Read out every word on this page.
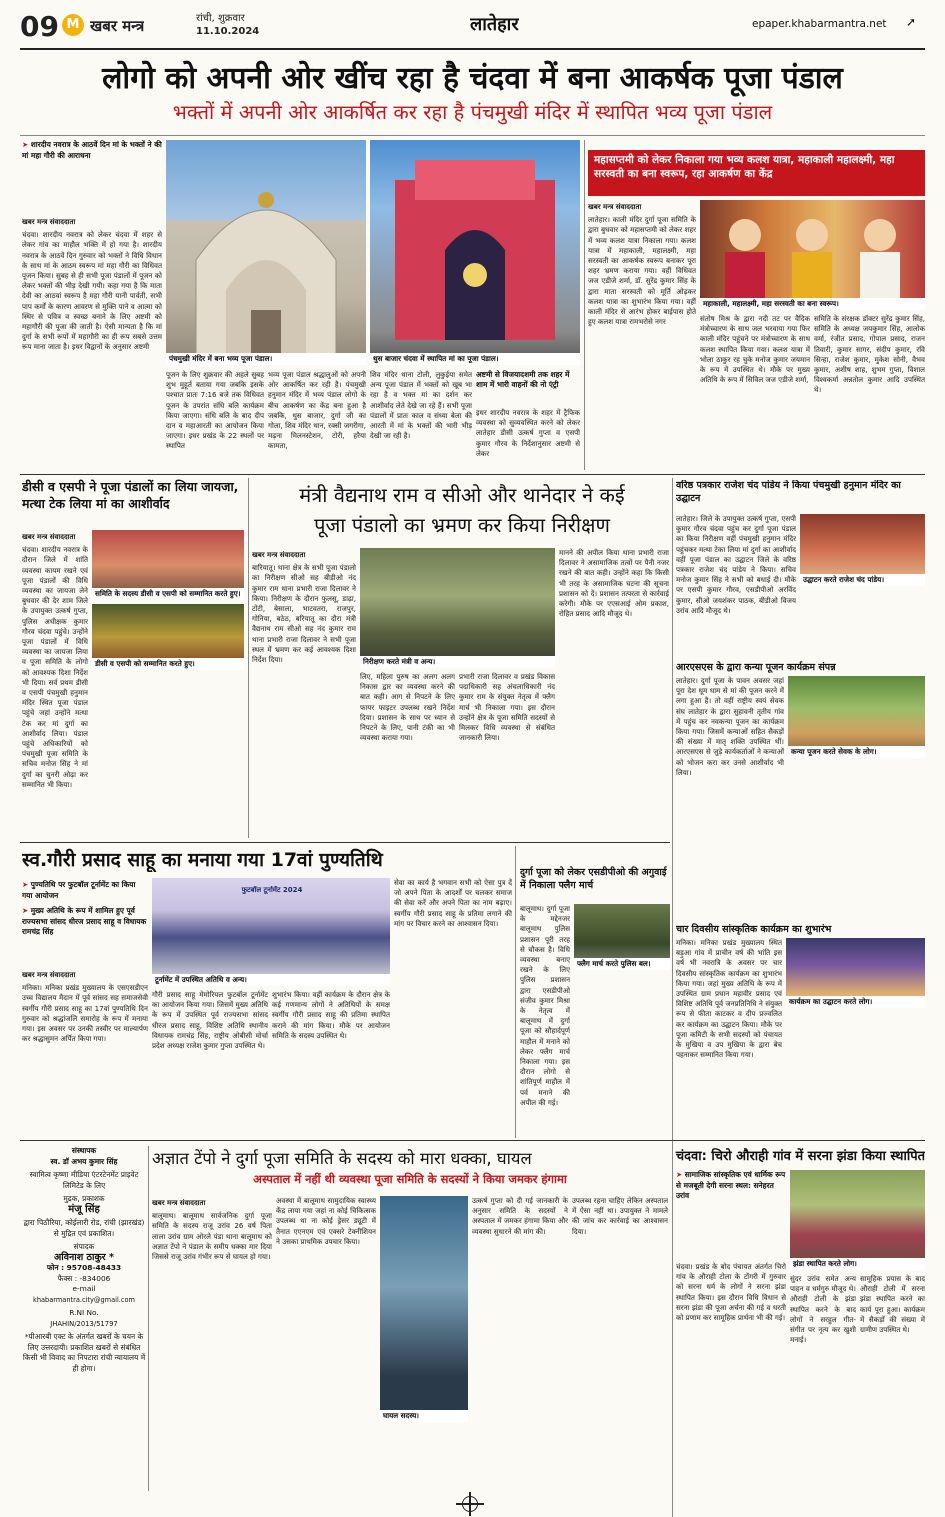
09 M खबर मन्त्र	रांची, शुक्रवार
11.10.2024	लातेहार	epaper.khabarmantra.net ➚
लोगो को अपनी ओर खींच रहा है चंदवा में बना आकर्षक पूजा पंडाल
भक्तों में अपनी ओर आकर्षित कर रहा है पंचमुखी मंदिर में स्थापित भव्य पूजा पंडाल
➤ शारदीय नवरात्र के आठवें दिन मां के भक्तों ने की मां महा गौरी की आराधना
खबर मन्त्र संवाददाता
चंदवा। शारदीय नवरात्र को लेकर चंदवा में शहर से लेकर गांव का माहौल भक्ति में हो गया है। शारदीय नवरात्र के आठवें दिन गुरुवार को भक्तों ने विधि विधान के साथ मां के आठम स्वरूप मां महा गौरी का विधिवत पूजन किया। सुबह से ही सभी पूजा पंडालों में पूजन को लेकर भक्तों की भीड़ देखी गयी। कहा गया है कि माता देवी का आठवां स्वरूप है महा गौरी यानी पार्वती, सभी पाप कर्मों के कारण आवरण से मुक्ति पाने व आत्मा को स्थिर से पवित्र व स्वच्छ बनाने के लिए अष्टमी को महागौरी की पूजा की जाती है। ऐसी मान्यता है कि मां दुर्गा के सभी रूपों में महागौरी का ही रूप सबसे उत्तम रूप माना जाता है। इधर विद्वानों के अनुसार अष्टमी
पंचमुखी मंदिर में बना भव्य पूजा पंडाल।	थुस बाजार चंदवा में स्थापित मां का पूजा पंडाल।
पूजन के लिए शुक्रवार की अहले सुबह शुभ मुहूर्त बताया गया जबकि इसके पश्चात प्रातः 7:16 बजे तक विधिवत पूजन के उपरांत संधि बलि कार्यक्रम किया जाएगा। संधि बलि के बाद दीप दान व महाआरती का आयोजन किया जाएगा। इधर प्रखंड के 22 स्थलों पर स्थापित
भव्य पूजा पंडाल श्रद्धालुओं को अपनी ओर आकर्षित कर रही है। पंचमुखी हनुमान मंदिर में भव्य पंडाल लोगो के बीच आकर्षण का केंद्र बना हुआ है जबकि, थुस बाजार, दुर्गा जी का गोला, शिव मंदिर थान, रक्सी जगरीगा, मढ़ना मिलनस्टेशन, टोरी, हरैया कामता,
शिव मंदिर थाना टोली, लुकुईया समेत अन्य पूजा पंडाल में भक्तों को खूब भा रहा है व भक्त मां का दर्शन कर आशीर्वाद लेते देखे जा रहे हैं। सभी पूजा पंडालों में प्रातः काल व संध्या बेला की आरती में मां के भक्तों की भारी भीड़ देखी जा रही है।
अष्टमी से विजयादशमी तक शहर में शाम में भारी वाहनों की नो एंट्री
इधर शारदीय नवरात्र के शहर में ट्रैफिक व्यवस्था को सुव्यवस्थित करने को लेकर लातेहार डीसी उत्कर्ष गुप्ता व एसपी कुमार गौरव के निर्देशानुसार अष्टमी से लेकर
महासप्तमी को लेकर निकाला गया भव्य कलश यात्रा, महाकाली महालक्ष्मी, महा सरस्वती का बना स्वरूप, रहा आकर्षण का केंद्र
खबर मन्त्र संवाददाता
लातेहार। काली मंदिर दुर्गा पूजा समिति के द्वारा बुधवार को महासप्तमी को लेकर शहर में भव्य कलश यात्रा निकाला गया। कलश यात्रा में महाकाली, महालक्ष्मी, महा सरस्वती का आकर्षक स्वरूप बनाकर पूरा शहर भ्रमण कराया गया। वहीं विधिवत जज एडीजे शर्मा, डॉ. सुरेंद्र कुमार सिंह के द्वारा माता सरस्वती को मूर्ति ओढ़कर कलश यात्रा का शुभारंभ किया गया। वहीं काली मंदिर से आरंभ होकर बाईपास होते हुए कलश यात्रा रामभरोसे नगर
महाकाली, महालक्ष्मी, महा सरस्वती का बना स्वरूप।
संतोष मिश्र के द्वारा नदी तट पर वैदिक मंत्रोच्चारण के साथ जल भरवाया गया फिर काली मंदिर पहुंचने पर मंत्रोच्चारण के साथ कलश स्थापित किया गया। कलश यात्रा में भोला ठाकुर रह चुके मनोज कुमार जयमान के रूप में उपस्थित थे। मौके पर मुख्य अतिथि के रूप में सिविल जज एडीजे शर्मा,
समिति के संरक्षक डॉक्टर सुरेंद्र कुमार सिंह, समिति के अध्यक्ष जयकुमार सिंह, आलोक वर्मा, रंजीत प्रसाद, गोपाल प्रसाद, राजन तिवारी, कुमार सागर, संदीप कुमार, रवि सिन्हा, राजेश कुमार, मुकेश सोनी, वैभव कुमार, अशीष शाह, शुभम गुप्ता, विशाल विश्वकर्मा अन्नतोल कुमार आदि उपस्थित थे।
डीसी व एसपी ने पूजा पंडालों का लिया जायजा, मत्था टेक लिया मां का आशीर्वाद
समिति के सदस्य डीसी व एसपी को सम्मानित करते हुए।
डीसी व एसपी को सम्मानित करते हुए।
खबर मन्त्र संवाददाता
चंदवा। शारदीय नवरात्र के दौरान जिले में शांति व्यवस्था कायम रखने एवं पूजा पंडालों की विधि व्यवस्था का जायजा लेने बुधवार की देर शाम जिले के उपायुक्त उत्कर्ष गुप्ता, पुलिस अधीक्षक कुमार गौरव चंदवा पहुंचे। उन्होंने पूजा पंडालों में विधि व्यवस्था का जायजा लिया व पूजा समिति के लोगो को आवश्यक दिशा निर्देश भी दिया। सर्व प्रथम डीसी व एसपी पंचमुखी हनुमान मंदिर स्थित पूजा पंडाल पहुंचे जहां उन्होंने मत्था टेक कर मां दुर्गा का आशीर्वाद लिया। पंडाल पहुंचे अधिकारियों को पंचमुखी पूजा समिति के सचिव मनोज सिंह ने मां दुर्गा का चुनरी ओढ़ा कर सम्मानित भी किया।
मंत्री वैद्यनाथ राम व सीओ और थानेदार ने कई
पूजा पंडालो का भ्रमण कर किया निरीक्षण
खबर मन्त्र संवाददाता
बारियातू। थाना क्षेत्र के सभी पूजा पंडालो का निरीक्षण सीओ सह बीडीओ नंद कुमार राम थाना प्रभारी राजा दिलावर ने किया। निरीक्षण के दौरान फुलसू, डाढ़ा, टोंटी, बेसाला, भाटवतरा, राजपुर, गोनिया, बठेठ, बरियातू का दौरा मंत्री वैद्यनाथ राम सीओ सह नंद कुमार राम थाना प्रभारी राजा दिलावर ने सभी पूजा स्थल में भ्रमण कर कई आवश्यक दिशा निर्देश दिया।	निरीक्षण करते मंत्री व अन्य।
लिए, महिला पुरुष का अलग अलग निकास द्वार का व्यवस्था करने की बात कही। आग से निपटने के लिए फायर फाइटर उपलब्ध रखने निर्देश दिया। प्रशासन के साथ पर ध्यान से निपटने के लिए, पानी टंकी का भी व्यवस्था कराया गया।
प्रभारी राजा दिलावर व प्रखंड विकास पदाधिकारी सह अंचलाधिकारी नंद कुमार राम के संयुक्त नेतृत्व में फ्लैग मार्च भी निकाला गया। इस दौरान उन्होंने क्षेत्र के पूजा समिति सदस्यों से मिलकर विधि व्यवस्था से संबंधित जानकारी लिया।
मानने की अपील किया थाना प्रभारी राजा दिलावर ने असामाजिक तत्वों पर पैनी नजर रखने की बात कही। उन्होंने कहा कि किसी भी तरह के असामाजिक घटना की सूचना प्रशासन को दें। प्रशासन तत्परता से कार्रवाई करेगी। मौके पर एएसआई ओम प्रकाश, रोहित प्रसाद आदि मौजूद थे।
वरिष्ठ पत्रकार राजेश चंद पांडेय ने किया पंचमुखी हनुमान मंदिर का उद्घाटन
उद्घाटन करते राजेश चंद पांडेय।
लातेहार। जिले के उपायुक्त उत्कर्ष गुप्ता, एसपी कुमार गौरव चंदवा पहुंच कर दुर्गा पूजा पंडाल का किया निरीक्षण वहीं पंचमुखी हनुमान मंदिर पहुंचकर मत्था टेका लिया मां दुर्गा का आशीर्वाद वहीं पूजा पंडाल का उद्घाटन जिले के वरिष्ठ पत्रकार राजेश चंद पांडेय ने किया। सचिव मनोज कुमार सिंह ने सभी को बधाई दी। मौके पर एसपी कुमार गौरव, एसडीपीओ अरविंद कुमार, सीओ जयशंकर पाठक, बीडीओ विजय उरांव आदि मौजूद थे।
आरएसएस के द्वारा कन्या पूजन कार्यक्रम संपन्न
कन्या पूजन करते सेवक के लोग।
लातेहार। दुर्गा पूजा के पावन अवसर जहां पूरा देश धूम धाम से मां की पूजन करने में लगा हुआ है। तो वहीं राष्ट्रीय स्वयं सेवक संघ लातेहार के द्वारा सुहावनी तृतीय गांव में पहुंच कर नवकन्या पूजन का कार्यक्रम किया गया। जिसमें कन्याओं सहित सैकड़ों की संख्या में मातृ शक्ति उपस्थित थीं। आरएसएस से जुड़े कार्यकर्ताओं ने कन्याओं को भोजन करा कर उनसे आशीर्वाद भी लिया।
चार दिवसीय सांस्कृतिक कार्यक्रम का शुभारंभ
कार्यक्रम का उद्घाटन करते लोग।
मनिका। मनिका प्रखंड मुख्यालय स्थित बड़ुआ गांव में प्राचीन वर्ष की भांति इस वर्ष भी नवरात्रि के अवसर पर चार दिवसीय सांस्कृतिक कार्यक्रम का शुभारंभ किया गया। जहां मुख्य अतिथि के रूप में उपस्थित ग्राम प्रधान महावीर प्रसाद एवं विशिष्ट अतिथि पूर्व जनप्रतिनिधि ने संयुक्त रूप से फीता काटकर व दीप प्रज्वलित कर कार्यक्रम का उद्घाटन किया। मौके पर पूजा कमिटी के सभी सदस्यों को पंचायत के मुखिया व उप मुखिया के द्वारा बेच पहनाकर सम्मानित किया गया।
स्व.गौरी प्रसाद साहू का मनाया गया 17वां पुण्यतिथि
➤ पुण्यतिथि पर फुटबॉल टूर्नामेंट का किया गया आयोजन
➤ मुख्य अतिथि के रूप में शामिल हुए पूर्व राज्यसभा सांसद धीरज प्रसाद साहू व विधायक रामचंद्र सिंह
खबर मन्त्र संवाददाता
मनिका। मनिका प्रखंड मुख्यालय के एसएसडीएन उच्च विद्यालय मैदान में पूर्व सांसद सह समाजसेवी स्वर्गीय गौरी प्रसाद साहू का 17वां पुण्यतिथि दिन गुरुवार को श्रद्धांजलि समारोह के रूप में मनाया गया। इस अवसर पर उनकी तस्वीर पर माल्यार्पण कर श्रद्धासुमन अर्पित किया गया।
फुटबॉल टूर्नामेंट 2024
टूर्नामेंट में उपस्थित अतिथि व अन्य।
गौरी प्रसाद साहू मेमोरियल फुटबॉल टूर्नामेंट का आयोजन किया गया। जिसमें मुख्य अतिथि के रूप में उपस्थित पूर्व राज्यसभा सांसद धीरज प्रसाद साहू, विशिष्ट अतिथि स्थानीय विधायक रामचंद्र सिंह, राष्ट्रीय ओबीसी मोर्चा प्रदेश अध्यक्ष राजेश कुमार गुप्ता उपस्थित थे।
शुभारंभ किया। वहीं कार्यक्रम के दौरान क्षेत्र के कई गणमान्य लोगों ने अतिथियों के समक्ष स्वर्गीय गौरी प्रसाद साहू की प्रतिमा स्थापित कराने की मांग किया। मौके पर आयोजन समिति के सदस्य उपस्थित थे।
सेवा का कार्य है भगवान सभी को ऐसा पुत्र दें जो अपने पिता के आदर्शों पर चलकर समाज की सेवा करें और अपने पिता का नाम बढ़ाए। स्वर्गीय गौरी प्रसाद साहू के प्रतिमा लगाने की मांग पर विचार करने का आश्वासन दिया।
दुर्गा पूजा को लेकर एसडीपीओ की अगुवाई में निकाला फ्लैग मार्च
फ्लैग मार्च करते पुलिस बल।
बालूमाथ। दुर्गा पूजा के मद्देनजर बालूमाथ पुलिस प्रशासन पूरी तरह से चौकस है। विधि व्यवस्था बनाए रखने के लिए पुलिस प्रशासन द्वारा एसडीपीओ संजीव कुमार मिश्रा के नेतृत्व में बालूमाथ में दुर्गा पूजा को सौहार्दपूर्ण माहौल में मनाने को लेकर फ्लैग मार्च निकाला गया। इस दौरान लोगो से शांतिपूर्ण माहौल में पर्व मनाने की अपील की गई।
संस्थापक
स्व. डॉ अभय कुमार सिंह
स्वामित्व कृष्णा मीडिया एंटरटेनमेंट प्राइवेट लिमिटेड के लिए
मुद्रक, प्रकाशक
मंजू सिंह
द्वारा पिठौरिया, कोईलारी रोड, रांची (झारखंड) से मुद्रित एवं प्रकाशित।
संपादक
अविनाश ठाकुर *
फोन : 95708-48433
फैक्स : -834006
e-mail
khabarmantra.city@gmail.com
R.NI No.
JHAHIN/2013/51797
*पीआरबी एक्ट के अंतर्गत खबरों के चयन के लिए उत्तरदायी। प्रकाशित खबरों से संबंधित किसी भी विवाद का निपटारा रांची न्यायालय में ही होगा।
अज्ञात टेंपो ने दुर्गा पूजा समिति के सदस्य को मारा धक्का, घायल
अस्पताल में नहीं थी व्यवस्था पूजा समिति के सदस्यों ने किया जमकर हंगामा
खबर मन्त्र संवाददाता
बालूमाथ। बालूमाथ सार्वजनिक दुर्गा पूजा समिति के सदस्य राजू उरांव 26 वर्ष पिता लाला उरांव ग्राम ओरले पंडा थाना बालूमाथ को अज्ञात टेंपो ने पंडाल के समीप धक्का मार दिया जिससे राजू उरांव गंभीर रूप से घायल हो गया।
अवस्था में बालूमाथ सामुदायिक स्वास्थ्य केंद्र लाया गया जहां ना कोई चिकित्सक उपलब्ध था ना कोई ड्रेसर ड्यूटी में तैनात एएनएम एवं एक्सरे टेक्नीशियन ने उसका प्राथमिक उपचार किया।
घायल सदस्य।
उत्कर्ष गुप्ता को दी गई जानकारी के अनुसार समिति के सदस्यों ने अस्पताल में जमकर हंगामा किया और व्यवस्था सुधारने की मांग की।
उपलब्ध रहना चाहिए लेकिन अस्पताल में ऐसा नहीं था। उपायुक्त ने मामले की जांच कर कार्रवाई का आश्वासन दिया।
चंदवा: चिरो औराही गांव में सरना झंडा किया स्थापित
➤ सामाजिक सांस्कृतिक एवं धार्मिक रूप से मजबूती देगी सरना स्थल: सनेहरत उरांव
झंडा स्थापित करते लोग।
चंदवा। प्रखंड के बोद पंचायत अंतर्गत चिरो गांव के औराही टोला के टोंगरी में गुरुवार को सरना धर्म के लोगों ने सरना झंडा स्थापित किया। इस दौरान विधि विधान से सरना झंडा की पूजा अर्चना की गई व धरती को प्रणाम कर सामूहिक प्रार्थना भी की गई।
सुंदर उरांव समेत अन्य पाहन व धर्मगुरु मौजूद थे। औराही टोली के झंडा स्थापित करने के बाद लोगों ने सरहुल गीत-संगीत पर नृत्य कर खुशी मनाई।
सामूहिक प्रयास के बाद औराही टोली में सरना झंडा स्थापित करने का कार्य पूरा हुआ। कार्यक्रम में सैकड़ों की संख्या में ग्रामीण उपस्थित थे।
